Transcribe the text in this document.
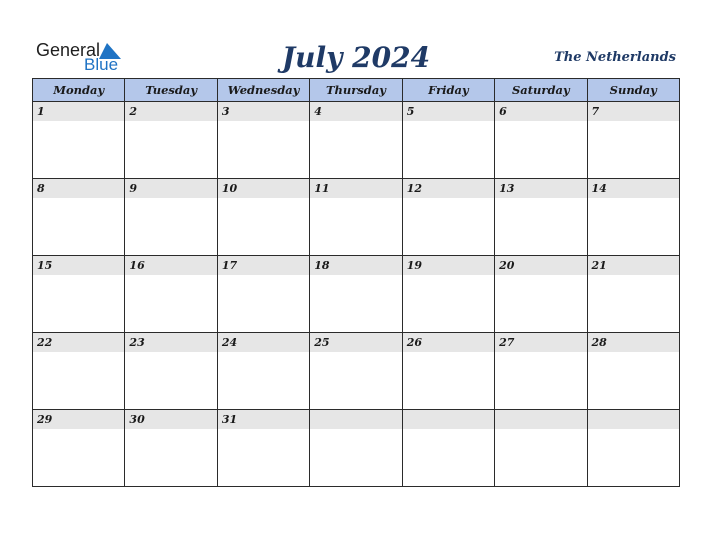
General
Blue	July 2024	The Netherlands
Monday	Tuesday	Wednesday	Thursday	Friday	Saturday	Sunday

1	2	3	4	5	6	7

8	9	10	11	12	13	14

15	16	17	18	19	20	21

22	23	24	25	26	27	28

29	30	31				
